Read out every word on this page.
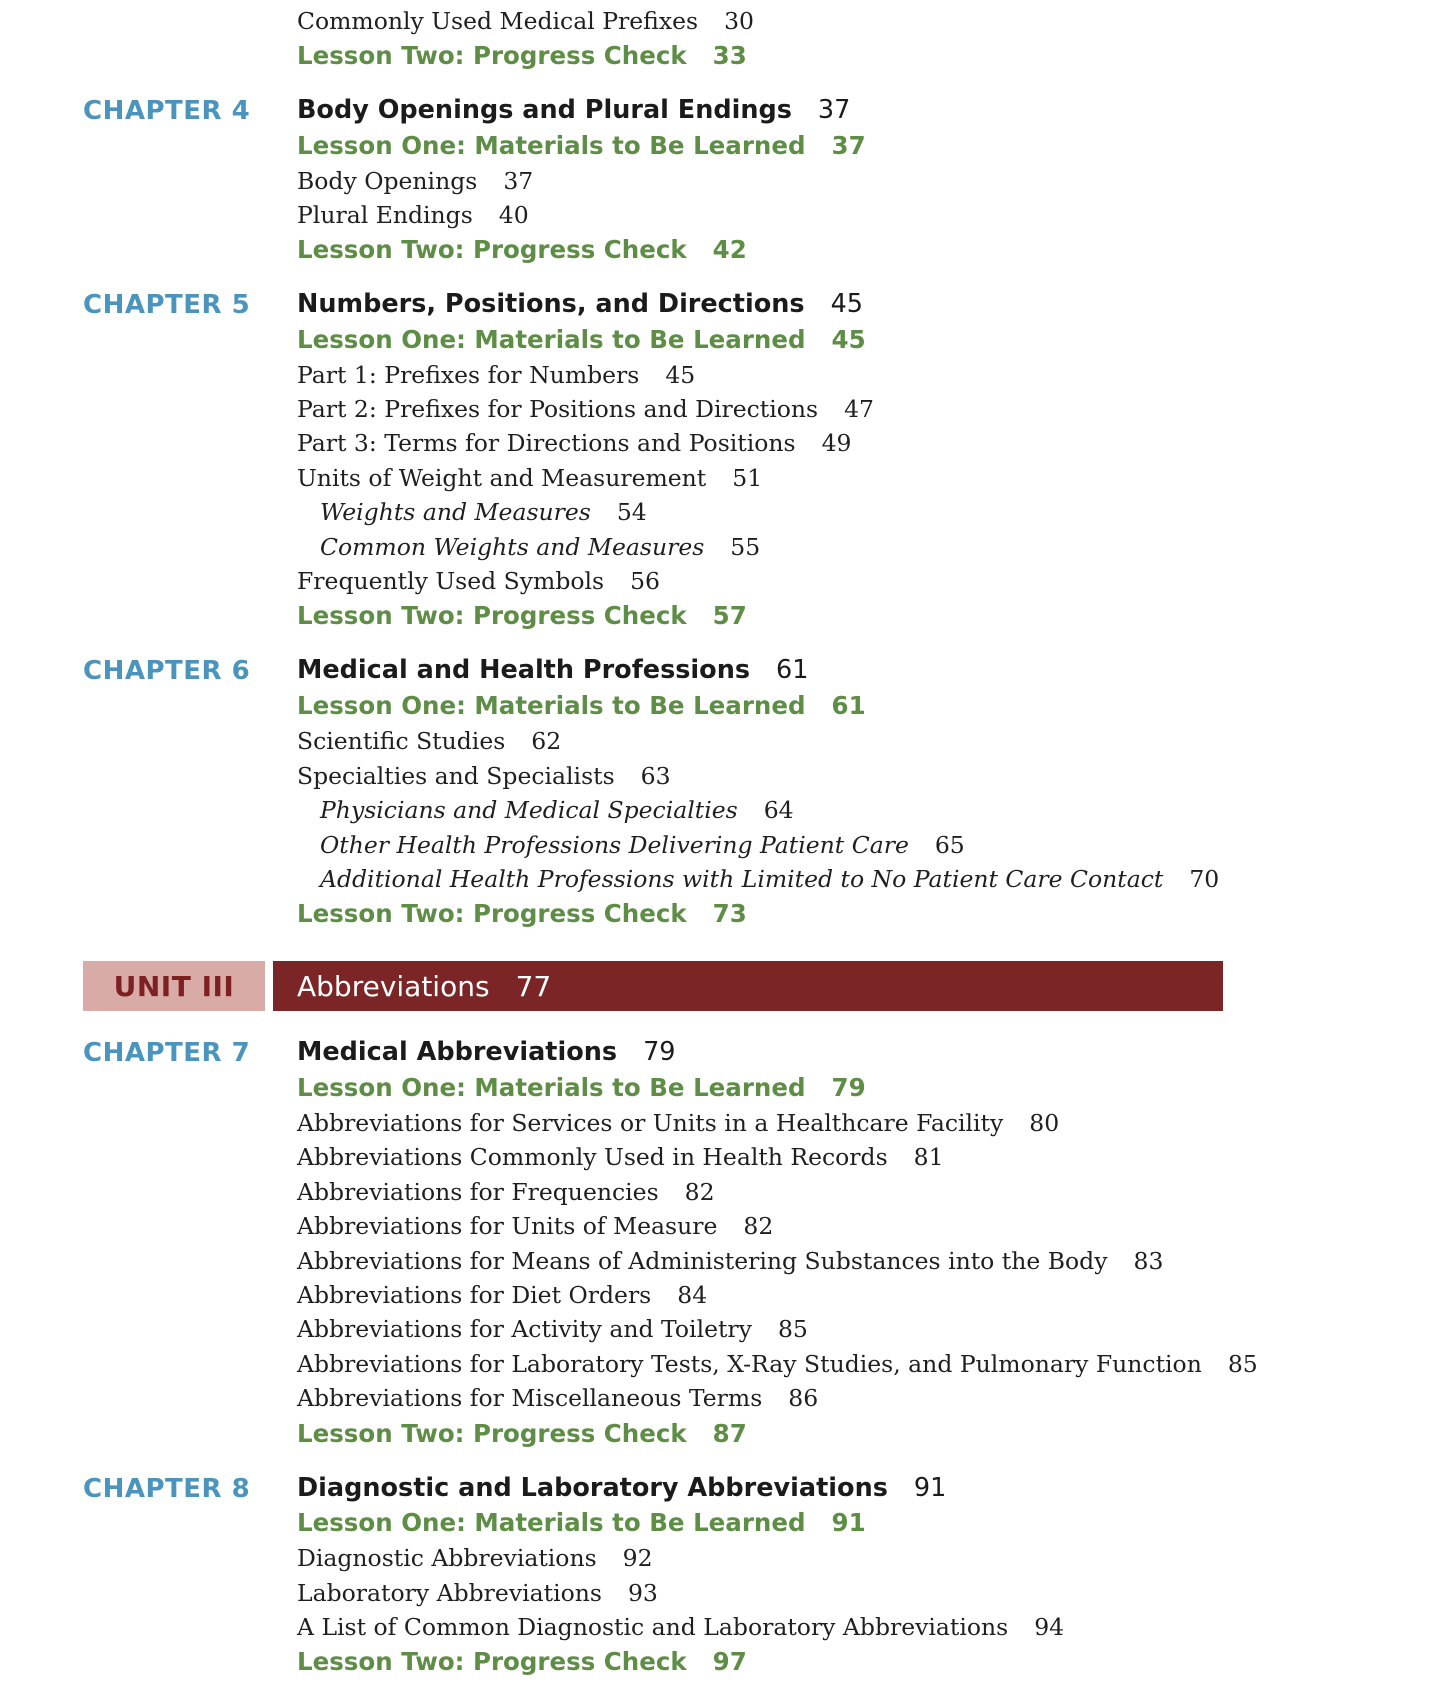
Commonly Used Medical Prefixes 30
Lesson Two: Progress Check 33
CHAPTER 4 Body Openings and Plural Endings 37
Lesson One: Materials to Be Learned 37
Body Openings 37
Plural Endings 40
Lesson Two: Progress Check 42
CHAPTER 5 Numbers, Positions, and Directions 45
Lesson One: Materials to Be Learned 45
Part 1: Prefixes for Numbers 45
Part 2: Prefixes for Positions and Directions 47
Part 3: Terms for Directions and Positions 49
Units of Weight and Measurement 51
Weights and Measures 54
Common Weights and Measures 55
Frequently Used Symbols 56
Lesson Two: Progress Check 57
CHAPTER 6 Medical and Health Professions 61
Lesson One: Materials to Be Learned 61
Scientific Studies 62
Specialties and Specialists 63
Physicians and Medical Specialties 64
Other Health Professions Delivering Patient Care 65
Additional Health Professions with Limited to No Patient Care Contact 70
Lesson Two: Progress Check 73
UNIT III	Abbreviations 77
CHAPTER 7 Medical Abbreviations 79
Lesson One: Materials to Be Learned 79
Abbreviations for Services or Units in a Healthcare Facility 80
Abbreviations Commonly Used in Health Records 81
Abbreviations for Frequencies 82
Abbreviations for Units of Measure 82
Abbreviations for Means of Administering Substances into the Body 83
Abbreviations for Diet Orders 84
Abbreviations for Activity and Toiletry 85
Abbreviations for Laboratory Tests, X-Ray Studies, and Pulmonary Function 85
Abbreviations for Miscellaneous Terms 86
Lesson Two: Progress Check 87
CHAPTER 8 Diagnostic and Laboratory Abbreviations 91
Lesson One: Materials to Be Learned 91
Diagnostic Abbreviations 92
Laboratory Abbreviations 93
A List of Common Diagnostic and Laboratory Abbreviations 94
Lesson Two: Progress Check 97
